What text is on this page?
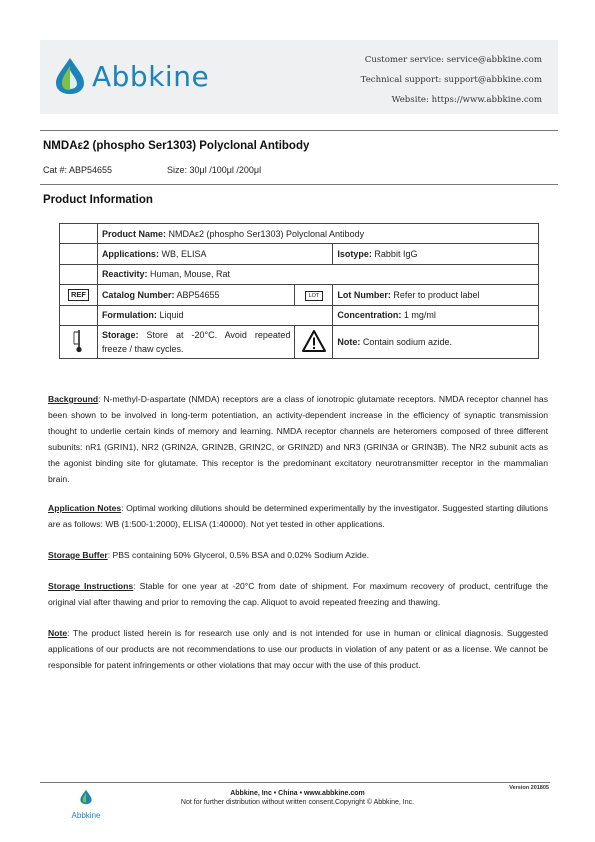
Abbkine	Customer service: service@abbkine.com
Technical support: support@abbkine.com
Website: https://www.abbkine.com
NMDAε2 (phospho Ser1303) Polyclonal Antibody
Cat #: ABP54655	Size: 30μl /100μl /200μl
Product Information
	Product Name: NMDAε2 (phospho Ser1303) Polyclonal Antibody		
	Applications: WB, ELISA		Isotype: Rabbit IgG
	Reactivity: Human, Mouse, Rat		
REF	Catalog Number: ABP54655	LOT	Lot Number: Refer to product label
	Formulation: Liquid		Concentration: 1 mg/ml
	Storage: Store at -20°C. Avoid repeated freeze / thaw cycles.		Note: Contain sodium azide.
Background: N-methyl-D-aspartate (NMDA) receptors are a class of ionotropic glutamate receptors. NMDA receptor channel has been shown to be involved in long-term potentiation, an activity-dependent increase in the efficiency of synaptic transmission thought to underlie certain kinds of memory and learning. NMDA receptor channels are heteromers composed of three different subunits: nR1 (GRIN1), NR2 (GRIN2A, GRIN2B, GRIN2C, or GRIN2D) and NR3 (GRIN3A or GRIN3B). The NR2 subunit acts as the agonist binding site for glutamate. This receptor is the predominant excitatory neurotransmitter receptor in the mammalian brain.
Application Notes: Optimal working dilutions should be determined experimentally by the investigator. Suggested starting dilutions are as follows: WB (1:500-1:2000), ELISA (1:40000). Not yet tested in other applications.
Storage Buffer: PBS containing 50% Glycerol, 0.5% BSA and 0.02% Sodium Azide.
Storage Instructions: Stable for one year at -20°C from date of shipment. For maximum recovery of product, centrifuge the original vial after thawing and prior to removing the cap. Aliquot to avoid repeated freezing and thawing.
Note: The product listed herein is for research use only and is not intended for use in human or clinical diagnosis. Suggested applications of our products are not recommendations to use our products in violation of any patent or as a license. We cannot be responsible for patent infringements or other violations that may occur with the use of this product.
Version 201805
Abbkine
Abbkine, Inc • China • www.abbkine.com
Not for further distribution without written consent.Copyright © Abbkine, Inc.
